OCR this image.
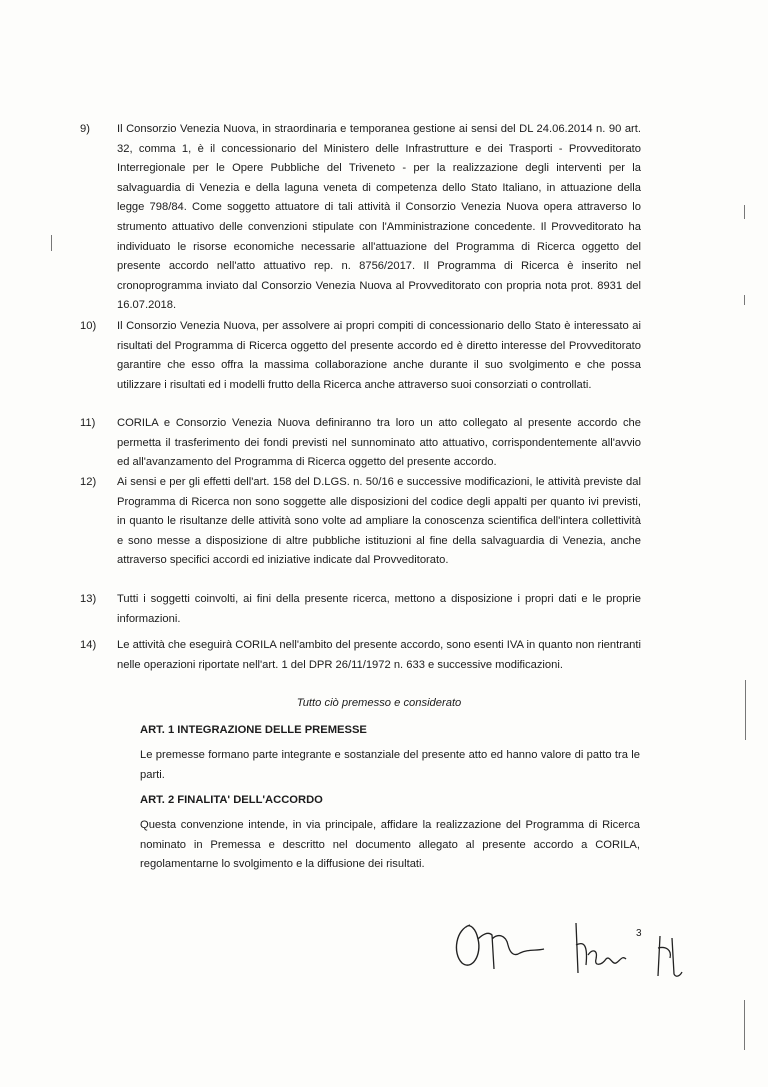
9)	Il Consorzio Venezia Nuova, in straordinaria e temporanea gestione ai sensi del DL 24.06.2014 n. 90 art. 32, comma 1, è il concessionario del Ministero delle Infrastrutture e dei Trasporti - Provveditorato Interregionale per le Opere Pubbliche del Triveneto - per la realizzazione degli interventi per la salvaguardia di Venezia e della laguna veneta di competenza dello Stato Italiano, in attuazione della legge 798/84. Come soggetto attuatore di tali attività il Consorzio Venezia Nuova opera attraverso lo strumento attuativo delle convenzioni stipulate con l'Amministrazione concedente. Il Provveditorato ha individuato le risorse economiche necessarie all'attuazione del Programma di Ricerca oggetto del presente accordo nell'atto attuativo rep. n. 8756/2017. Il Programma di Ricerca è inserito nel cronoprogramma inviato dal Consorzio Venezia Nuova al Provveditorato con propria nota prot. 8931 del 16.07.2018.
10)	Il Consorzio Venezia Nuova, per assolvere ai propri compiti di concessionario dello Stato è interessato ai risultati del Programma di Ricerca oggetto del presente accordo ed è diretto interesse del Provveditorato garantire che esso offra la massima collaborazione anche durante il suo svolgimento e che possa utilizzare i risultati ed i modelli frutto della Ricerca anche attraverso suoi consorziati o controllati.
11)	CORILA e Consorzio Venezia Nuova definiranno tra loro un atto collegato al presente accordo che permetta il trasferimento dei fondi previsti nel sunnominato atto attuativo, corrispondentemente all'avvio ed all'avanzamento del Programma di Ricerca oggetto del presente accordo.
12)	Ai sensi e per gli effetti dell'art. 158 del D.LGS. n. 50/16 e successive modificazioni, le attività previste dal Programma di Ricerca non sono soggette alle disposizioni del codice degli appalti per quanto ivi previsti, in quanto le risultanze delle attività sono volte ad ampliare la conoscenza scientifica dell'intera collettività e sono messe a disposizione di altre pubbliche istituzioni al fine della salvaguardia di Venezia, anche attraverso specifici accordi ed iniziative indicate dal Provveditorato.
13)	Tutti i soggetti coinvolti, ai fini della presente ricerca, mettono a disposizione i propri dati e le proprie informazioni.
14)	Le attività che eseguirà CORILA nell'ambito del presente accordo, sono esenti IVA in quanto non rientranti nelle operazioni riportate nell'art. 1 del DPR 26/11/1972 n. 633 e successive modificazioni.
Tutto ciò premesso e considerato
ART. 1 INTEGRAZIONE DELLE PREMESSE
Le premesse formano parte integrante e sostanziale del presente atto ed hanno valore di patto tra le parti.
ART. 2 FINALITA' DELL'ACCORDO
Questa convenzione intende, in via principale, affidare la realizzazione del Programma di Ricerca nominato in Premessa e descritto nel documento allegato al presente accordo a CORILA, regolamentarne lo svolgimento e la diffusione dei risultati.
3
